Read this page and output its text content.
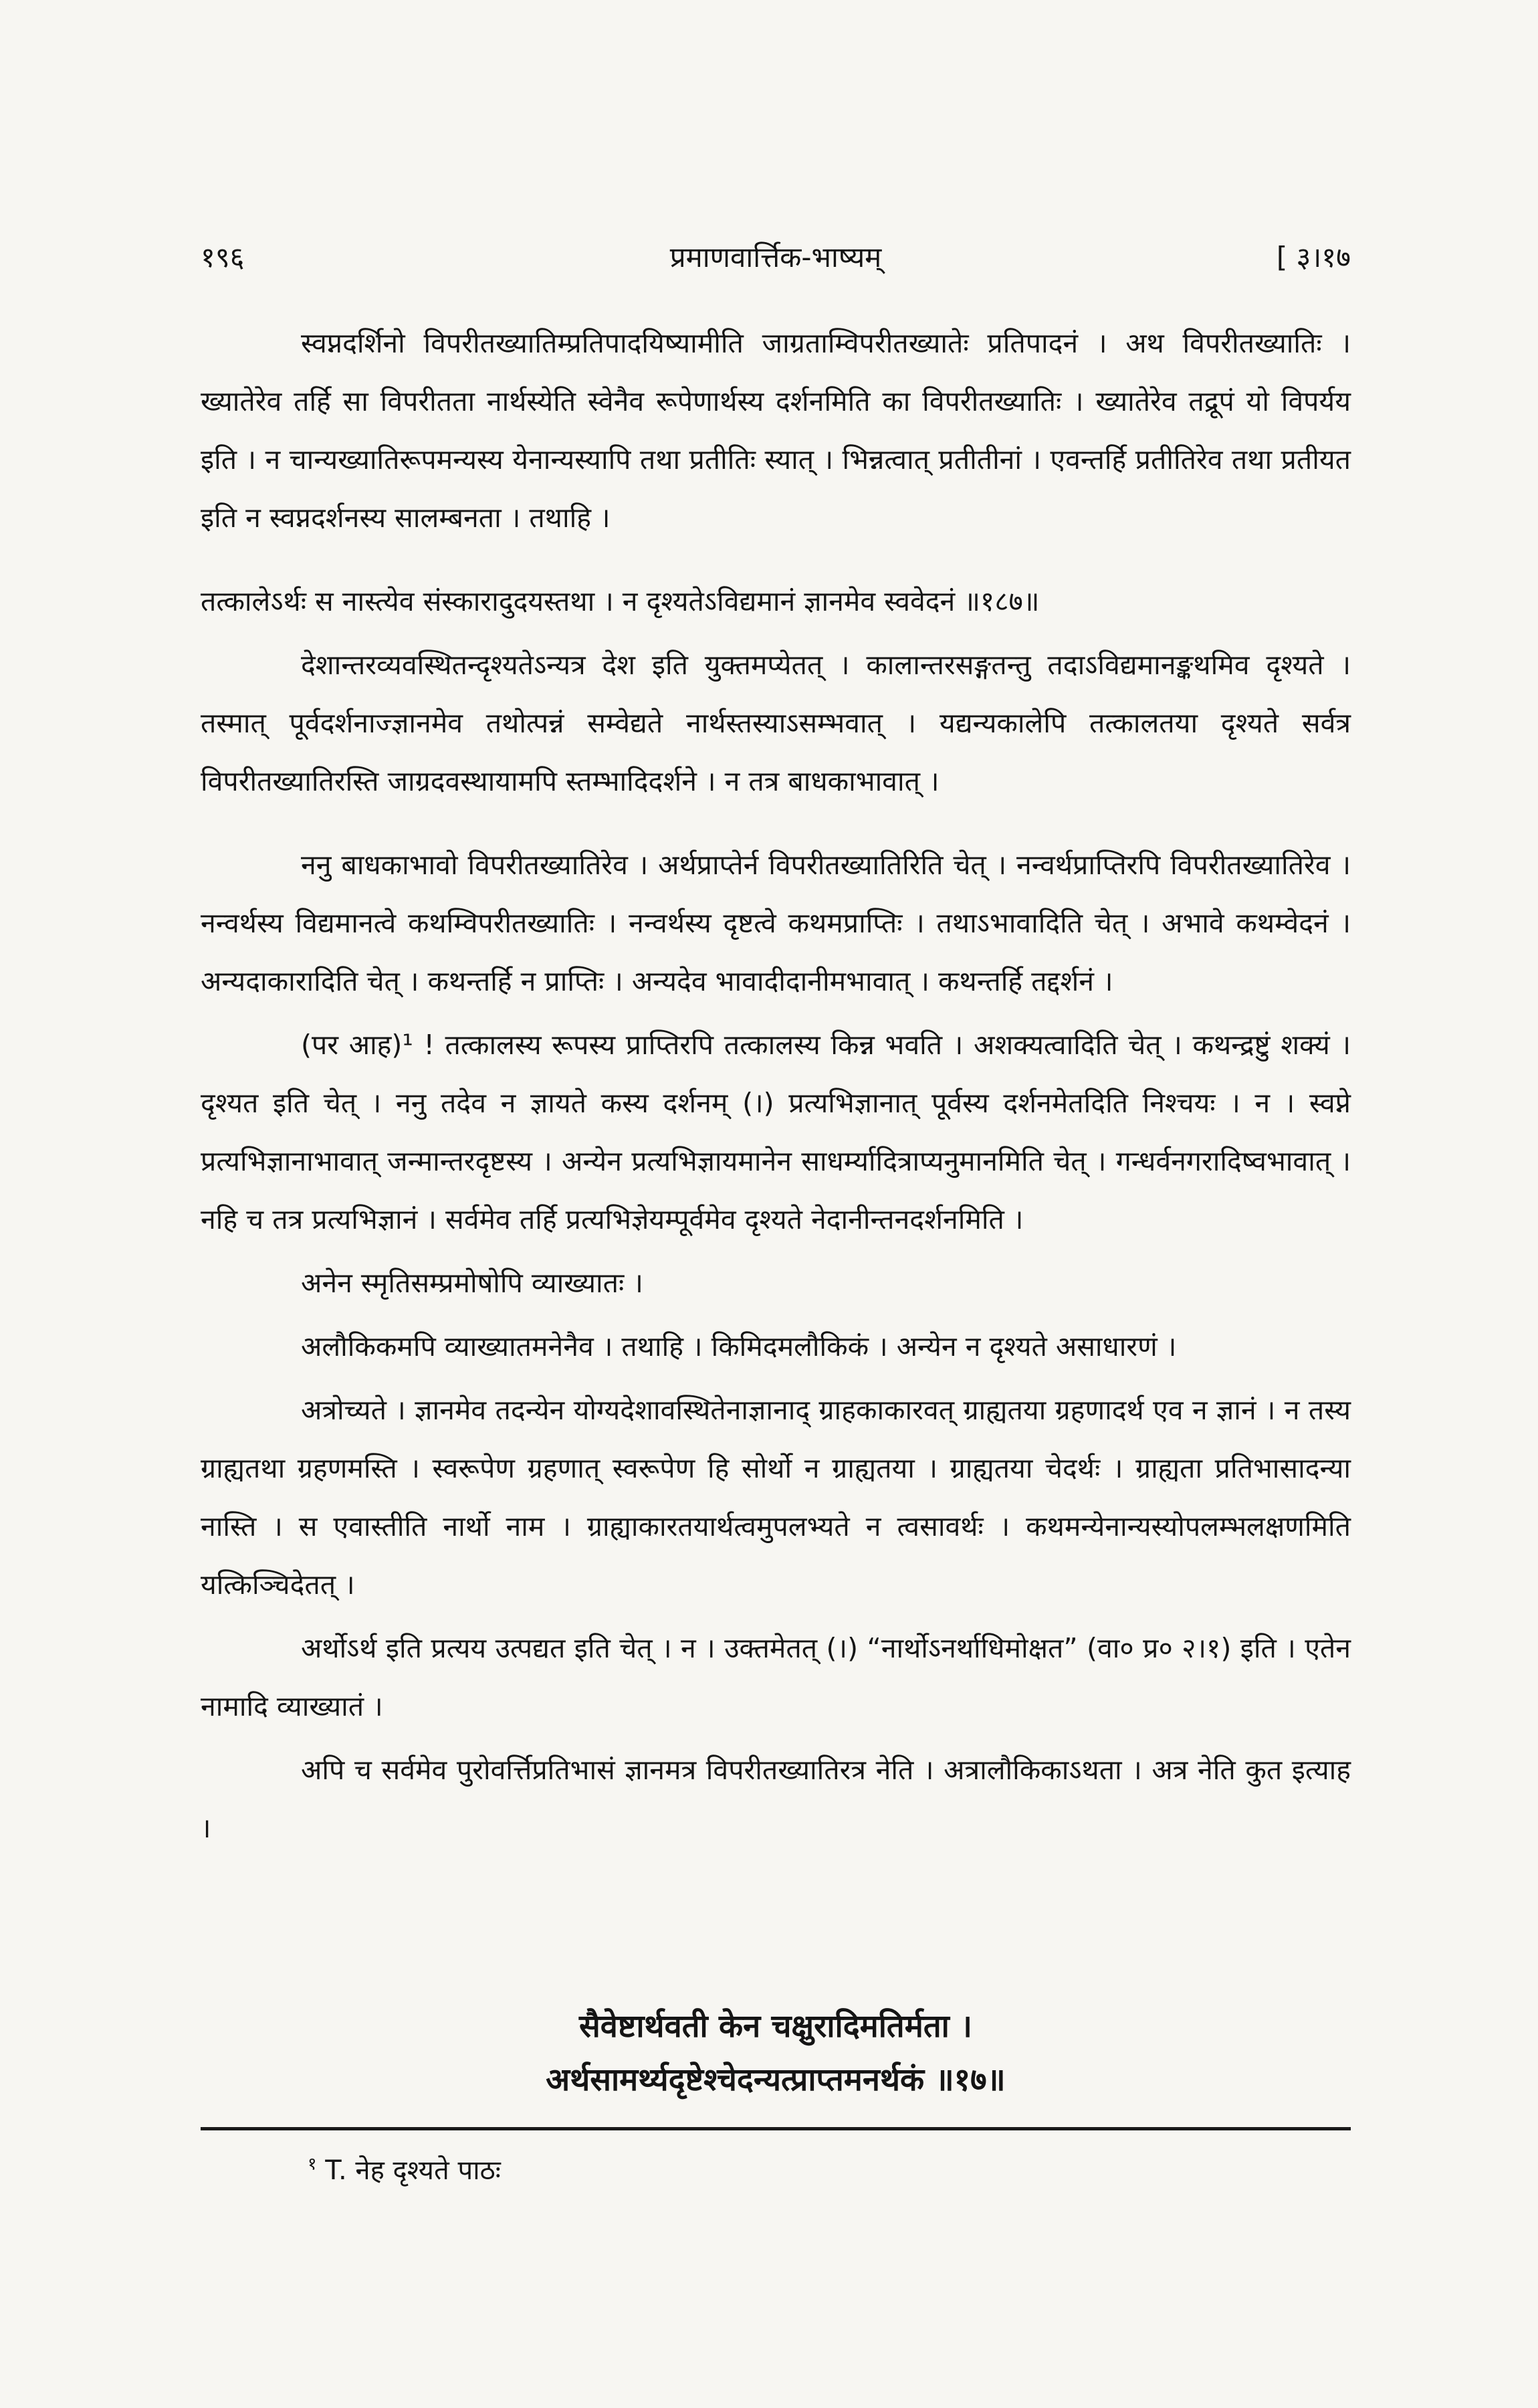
१९६	प्रमाणवार्त्तिक-भाष्यम्	[ ३।१७

स्वप्नदर्शिनो विपरीतख्यातिम्प्रतिपादयिष्यामीति जाग्रताम्विपरीतख्यातेः प्रतिपादनं । अथ विपरीतख्यातिः । ख्यातेरेव तर्हि सा विपरीतता नार्थस्येति स्वेनैव रूपेणार्थस्य दर्शनमिति का विपरीतख्यातिः । ख्यातेरेव तद्रूपं यो विपर्यय इति । न चान्यख्यातिरूपमन्यस्य येनान्यस्यापि तथा प्रतीतिः स्यात् । भिन्नत्वात् प्रतीतीनां । एवन्तर्हि प्रतीतिरेव तथा प्रतीयत इति न स्वप्नदर्शनस्य सालम्बनता । तथाहि ।

तत्कालेऽर्थः स नास्त्येव संस्कारादुदयस्तथा । न दृश्यतेऽविद्यमानं ज्ञानमेव स्ववेदनं ॥१८७॥

देशान्तरव्यवस्थितन्दृश्यतेऽन्यत्र देश इति युक्तमप्येतत् । कालान्तरसङ्गतन्तु तदाऽविद्यमानङ्कथमिव दृश्यते । तस्मात् पूर्वदर्शनाज्ज्ञानमेव तथोत्पन्नं सम्वेद्यते नार्थस्तस्याऽसम्भवात् । यद्यन्यकालेपि तत्कालतया दृश्यते सर्वत्र विपरीतख्यातिरस्ति जाग्रदवस्थायामपि स्तम्भादिदर्शने । न तत्र बाधकाभावात् ।

ननु बाधकाभावो विपरीतख्यातिरेव । अर्थप्राप्तेर्न विपरीतख्यातिरिति चेत् । नन्वर्थप्राप्तिरपि विपरीतख्यातिरेव । नन्वर्थस्य विद्यमानत्वे कथम्विपरीतख्यातिः । नन्वर्थस्य दृष्टत्वे कथमप्राप्तिः । तथाऽभावादिति चेत् । अभावे कथम्वेदनं । अन्यदाकारादिति चेत् । कथन्तर्हि न प्राप्तिः । अन्यदेव भावादीदानीमभावात् । कथन्तर्हि तद्दर्शनं ।

(पर आह)¹ ! तत्कालस्य रूपस्य प्राप्तिरपि तत्कालस्य किन्न भवति । अशक्यत्वादिति चेत् । कथन्द्रष्टुं शक्यं । दृश्यत इति चेत् । ननु तदेव न ज्ञायते कस्य दर्शनम् (।) प्रत्यभिज्ञानात् पूर्वस्य दर्शनमेतदिति निश्चयः । न । स्वप्ने प्रत्यभिज्ञानाभावात् जन्मान्तरदृष्टस्य । अन्येन प्रत्यभिज्ञायमानेन साधर्म्यादित्राप्यनुमानमिति चेत् । गन्धर्वनगरादिष्वभावात् । नहि च तत्र प्रत्यभिज्ञानं । सर्वमेव तर्हि प्रत्यभिज्ञेयम्पूर्वमेव दृश्यते नेदानीन्तनदर्शनमिति ।

अनेन स्मृतिसम्प्रमोषोपि व्याख्यातः ।

अलौकिकमपि व्याख्यातमनेनैव । तथाहि । किमिदमलौकिकं । अन्येन न दृश्यते असाधारणं ।

अत्रोच्यते । ज्ञानमेव तदन्येन योग्यदेशावस्थितेनाज्ञानाद् ग्राहकाकारवत् ग्राह्यतया ग्रहणादर्थ एव न ज्ञानं । न तस्य ग्राह्यतथा ग्रहणमस्ति । स्वरूपेण ग्रहणात् स्वरूपेण हि सोर्थो न ग्राह्यतया । ग्राह्यतया चेदर्थः । ग्राह्यता प्रतिभासादन्या नास्ति । स एवास्तीति नार्थो नाम । ग्राह्याकारतयार्थत्वमुपलभ्यते न त्वसावर्थः । कथमन्येनान्यस्योपलम्भलक्षणमिति यत्किञ्चिदेतत् ।

अर्थोऽर्थ इति प्रत्यय उत्पद्यत इति चेत् । न । उक्तमेतत् (।) “नार्थोऽनर्थाधिमोक्षत” (वा० प्र० २।१) इति । एतेन नामादि व्याख्यातं ।

अपि च सर्वमेव पुरोवर्त्तिप्रतिभासं ज्ञानमत्र विपरीतख्यातिरत्र नेति । अत्रालौकिकाऽथता । अत्र नेति कुत इत्याह ।

सैवेष्टार्थवती केन चक्षुरादिमतिर्मता ।
अर्थसामर्थ्यदृष्टेश्चेदन्यत्प्राप्तमनर्थकं ॥१७॥
$^१$ T. नेह दृश्यते पाठः
